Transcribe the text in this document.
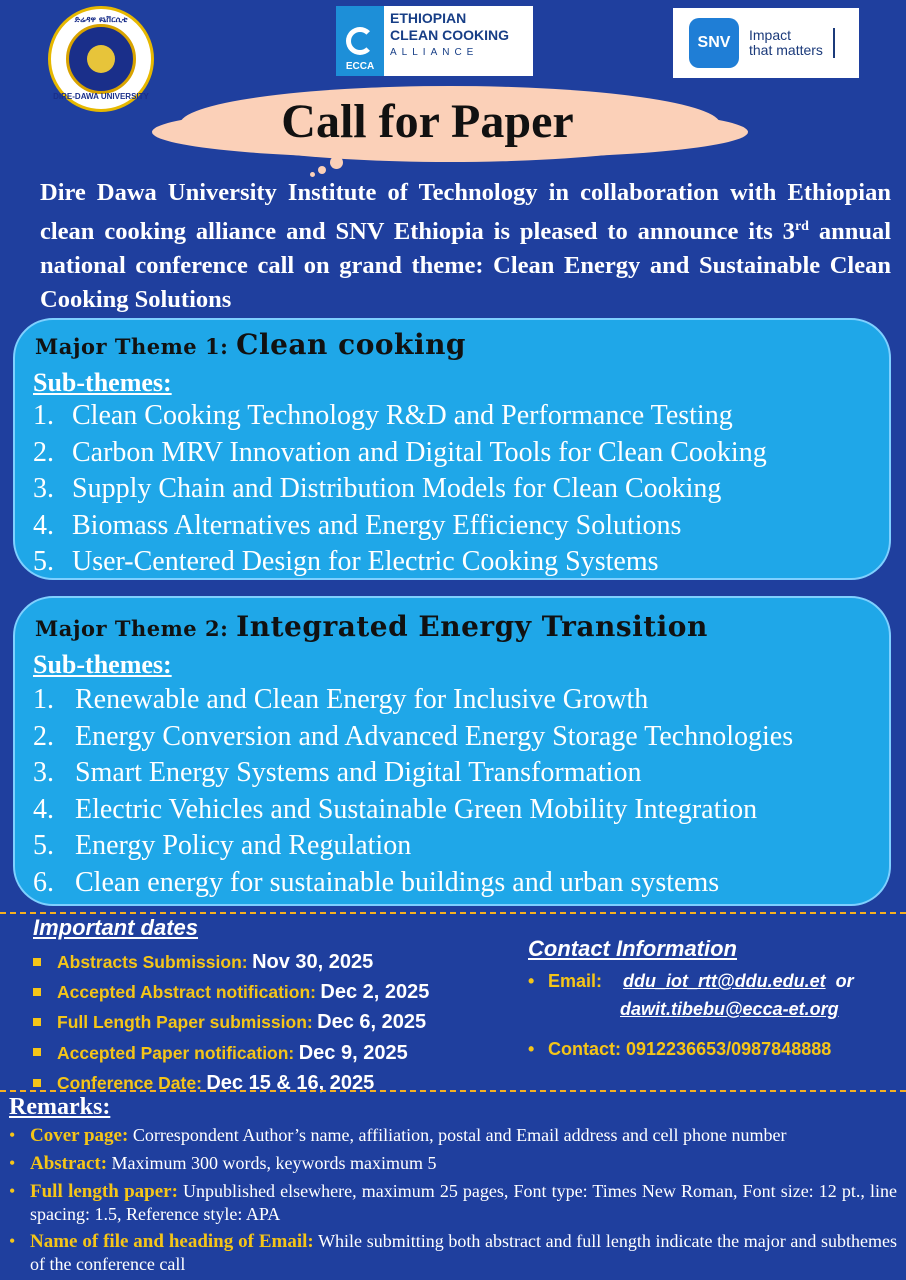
ድሬዳዋ ዩኒቨርሲቲ
DIRE-DAWA UNIVERSITY
ECCA
ETHIOPIAN
CLEAN COOKING
ALLIANCE
SNV	Impact
that matters
Call for Paper
Dire Dawa University Institute of Technology in collaboration with Ethiopian clean cooking alliance and SNV Ethiopia is pleased to announce its 3rd annual national conference call on grand theme: Clean Energy and Sustainable Clean Cooking Solutions
Major Theme 1: Clean cooking
Sub-themes:
1. Clean Cooking Technology R&D and Performance Testing
2. Carbon MRV Innovation and Digital Tools for Clean Cooking
3. Supply Chain and Distribution Models for Clean Cooking
4. Biomass Alternatives and Energy Efficiency Solutions
5. User-Centered Design for Electric Cooking Systems
Major Theme 2: Integrated Energy Transition
Sub-themes:
1. Renewable and Clean Energy for Inclusive Growth
2. Energy Conversion and Advanced Energy Storage Technologies
3. Smart Energy Systems and Digital Transformation
4. Electric Vehicles and Sustainable Green Mobility Integration
5. Energy Policy and Regulation
6. Clean energy for sustainable buildings and urban systems
Important dates
Abstracts Submission: Nov 30, 2025
Accepted Abstract notification: Dec 2, 2025
Full Length Paper submission: Dec 6, 2025
Accepted Paper notification: Dec 9, 2025
Conference Date: Dec 15 & 16, 2025
Contact Information
• Email: ddu_iot_rtt@ddu.edu.et or
dawit.tibebu@ecca-et.org
• Contact: 0912236653/0987848888
Remarks:
• Cover page: Correspondent Author’s name, affiliation, postal and Email address and cell phone number
• Abstract: Maximum 300 words, keywords maximum 5
• Full length paper: Unpublished elsewhere, maximum 25 pages, Font type: Times New Roman, Font size: 12 pt., line spacing: 1.5, Reference style: APA
• Name of file and heading of Email: While submitting both abstract and full length indicate the major and subthemes of the conference call
